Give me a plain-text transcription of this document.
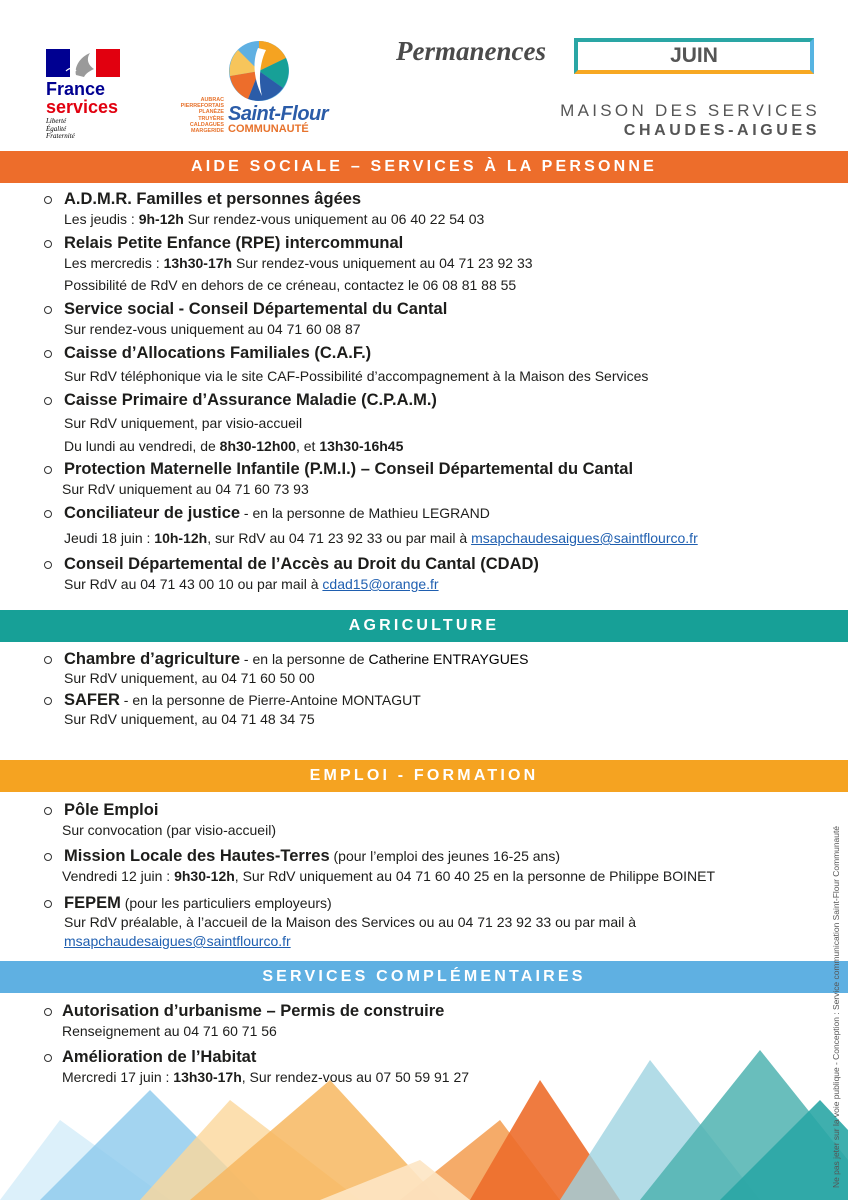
France
services
Liberté
Égalité
Fraternité
AUBRAC
PIERREFORTAIS
PLANÈZE TRUYÈRE
CALDAGUES MARGERIDE
Saint-Flour
COMMUNAUTÉ
Permanences	JUIN
MAISON DES SERVICES
CHAUDES-AIGUES
AIDE SOCIALE – SERVICES À LA PERSONNE
A.D.M.R. Familles et personnes âgées
Les jeudis : 9h-12h Sur rendez-vous uniquement au 06 40 22 54 03
Relais Petite Enfance (RPE) intercommunal
Les mercredis : 13h30-17h Sur rendez-vous uniquement au 04 71 23 92 33
Possibilité de RdV en dehors de ce créneau, contactez le 06 08 81 88 55
Service social - Conseil Départemental du Cantal
Sur rendez-vous uniquement au 04 71 60 08 87
Caisse d’Allocations Familiales (C.A.F.)
Sur RdV téléphonique via le site CAF-Possibilité d’accompagnement à la Maison des Services
Caisse Primaire d’Assurance Maladie (C.P.A.M.)
Sur RdV uniquement, par visio-accueil
Du lundi au vendredi, de 8h30-12h00, et 13h30-16h45
Protection Maternelle Infantile (P.M.I.) – Conseil Départemental du Cantal
Sur RdV uniquement au 04 71 60 73 93
Conciliateur de justice - en la personne de Mathieu LEGRAND
Jeudi 18 juin : 10h-12h, sur RdV au 04 71 23 92 33 ou par mail à msapchaudesaigues@saintflourco.fr
Conseil Départemental de l’Accès au Droit du Cantal (CDAD)
Sur RdV au 04 71 43 00 10 ou par mail à cdad15@orange.fr
AGRICULTURE
Chambre d’agriculture - en la personne de Catherine ENTRAYGUES
Sur RdV uniquement, au 04 71 60 50 00
SAFER - en la personne de Pierre-Antoine MONTAGUT
Sur RdV uniquement, au 04 71 48 34 75
EMPLOI - FORMATION
Pôle Emploi
Sur convocation (par visio-accueil)
Mission Locale des Hautes-Terres (pour l’emploi des jeunes 16-25 ans)
Vendredi 12 juin : 9h30-12h, Sur RdV uniquement au 04 71 60 40 25 en la personne de Philippe BOINET
FEPEM (pour les particuliers employeurs)
Sur RdV préalable, à l’accueil de la Maison des Services ou au 04 71 23 92 33 ou par mail à
msapchaudesaigues@saintflourco.fr
SERVICES COMPLÉMENTAIRES
Autorisation d’urbanisme – Permis de construire
Renseignement au 04 71 60 71 56
Amélioration de l’Habitat
Mercredi 17 juin : 13h30-17h, Sur rendez-vous au 07 50 59 91 27	Ne pas jeter sur la voie publique - Conception : Service communication Saint-Flour Communauté
